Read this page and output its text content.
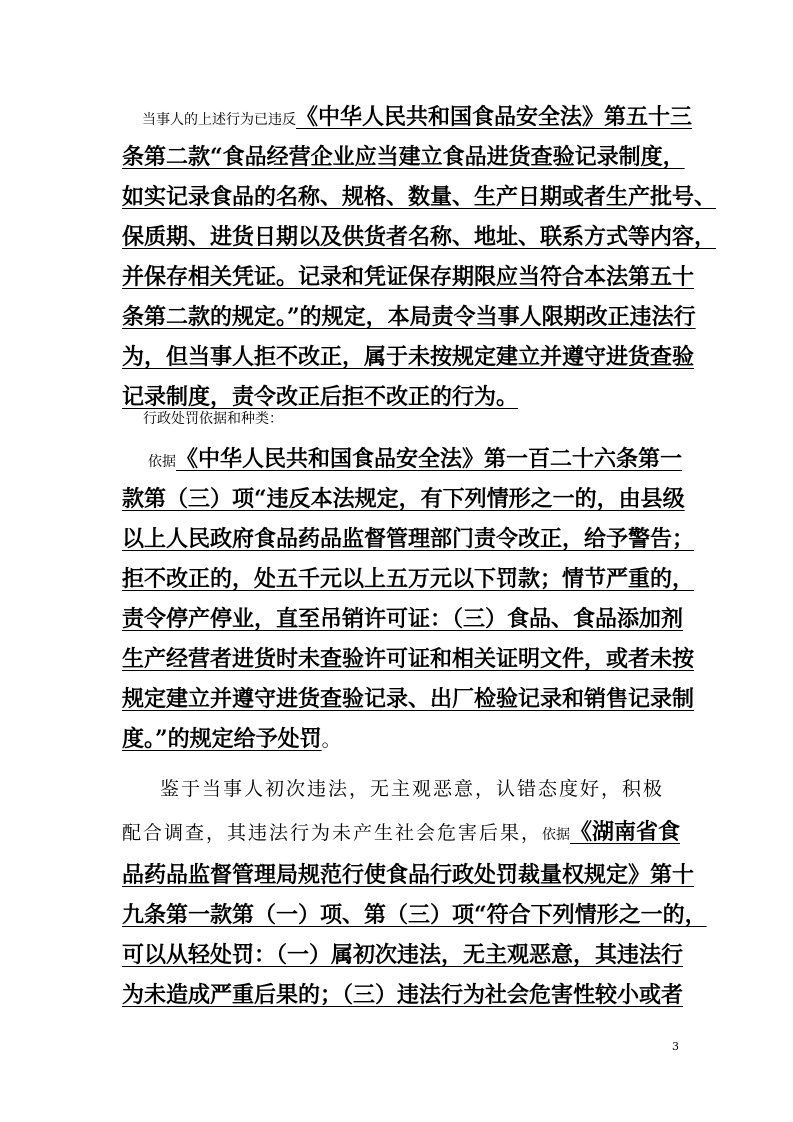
当事人的上述行为已违反《中华人民共和国食品安全法》第五十三
条第二款“食品经营企业应当建立食品进货查验记录制度，
如实记录食品的名称、规格、数量、生产日期或者生产批号、
保质期、进货日期以及供货者名称、地址、联系方式等内容，
并保存相关凭证。记录和凭证保存期限应当符合本法第五十
条第二款的规定。”的规定，本局责令当事人限期改正违法行
为，但当事人拒不改正，属于未按规定建立并遵守进货查验
记录制度，责令改正后拒不改正的行为。
行政处罚依据和种类：
依据《中华人民共和国食品安全法》第一百二十六条第一
款第（三）项“违反本法规定，有下列情形之一的，由县级
以上人民政府食品药品监督管理部门责令改正，给予警告；
拒不改正的，处五千元以上五万元以下罚款；情节严重的，
责令停产停业，直至吊销许可证：（三）食品、食品添加剂
生产经营者进货时未查验许可证和相关证明文件，或者未按
规定建立并遵守进货查验记录、出厂检验记录和销售记录制
度。”的规定给予处罚。
鉴于当事人初次违法，无主观恶意，认错态度好，积极
配合调查，其违法行为未产生社会危害后果，依据《湖南省食
品药品监督管理局规范行使食品行政处罚裁量权规定》第十
九条第一款第（一）项、第（三）项“符合下列情形之一的，
可以从轻处罚：（一）属初次违法，无主观恶意，其违法行
为未造成严重后果的；（三）违法行为社会危害性较小或者
3
